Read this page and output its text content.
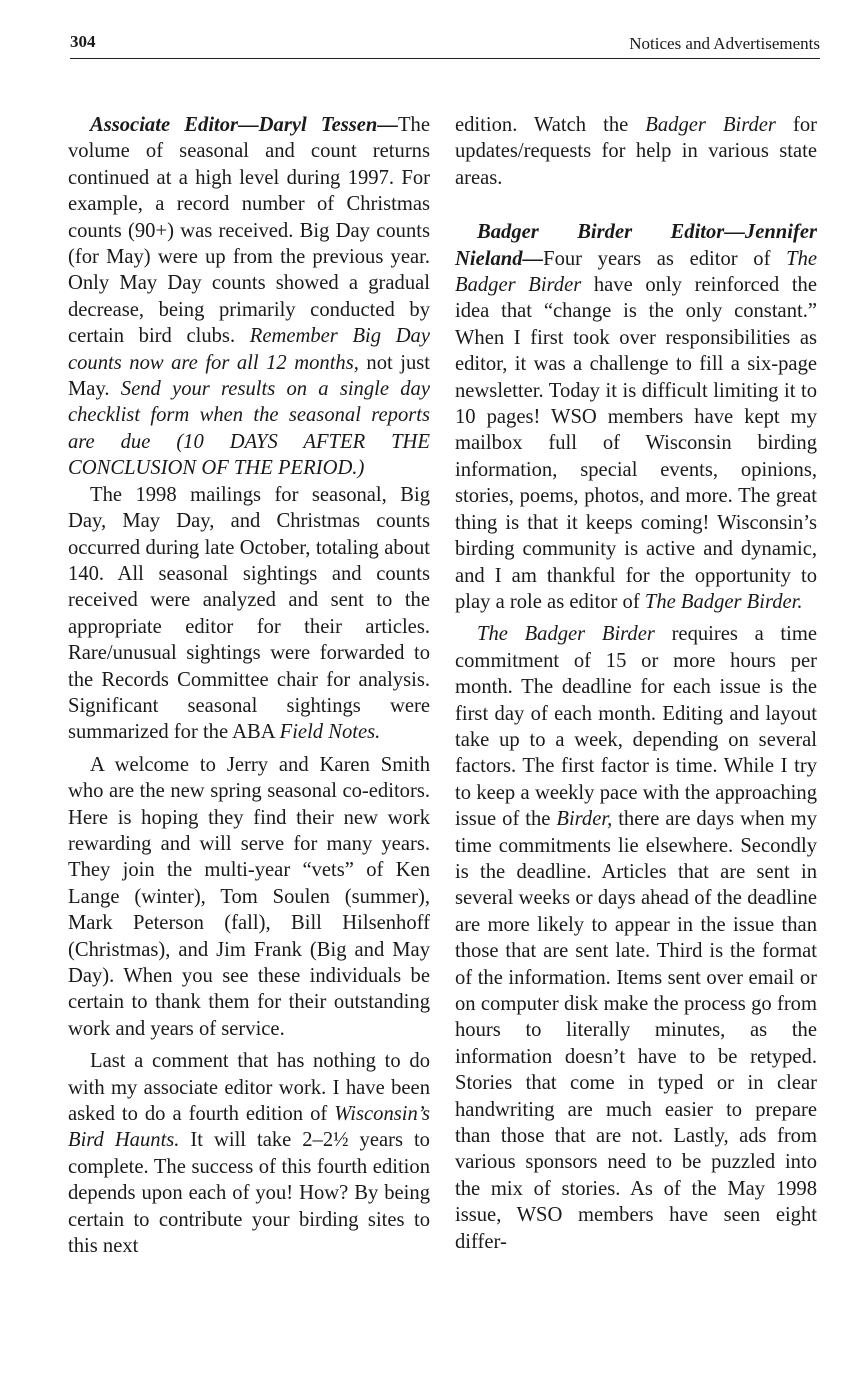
304	Notices and Advertisements

Associate Editor—Daryl Tessen—The volume of seasonal and count returns continued at a high level during 1997. For example, a record number of Christmas counts (90+) was received. Big Day counts (for May) were up from the previous year. Only May Day counts showed a gradual decrease, being primarily conducted by certain bird clubs. Remember Big Day counts now are for all 12 months, not just May. Send your results on a single day checklist form when the seasonal reports are due (10 DAYS AFTER THE CONCLUSION OF THE PERIOD.)

The 1998 mailings for seasonal, Big Day, May Day, and Christmas counts occurred during late October, totaling about 140. All seasonal sightings and counts received were analyzed and sent to the appropriate editor for their articles. Rare/unusual sightings were forwarded to the Records Committee chair for analysis. Significant seasonal sightings were summarized for the ABA Field Notes.

A welcome to Jerry and Karen Smith who are the new spring seasonal co-editors. Here is hoping they find their new work rewarding and will serve for many years. They join the multi-year “vets” of Ken Lange (winter), Tom Soulen (summer), Mark Peterson (fall), Bill Hilsenhoff (Christmas), and Jim Frank (Big and May Day). When you see these individuals be certain to thank them for their outstanding work and years of service.

Last a comment that has nothing to do with my associate editor work. I have been asked to do a fourth edition of Wisconsin’s Bird Haunts. It will take 2–2½ years to complete. The success of this fourth edition depends upon each of you! How? By being certain to contribute your birding sites to this next

edition. Watch the Badger Birder for updates/requests for help in various state areas.

Badger Birder Editor—Jennifer Nieland—Four years as editor of The Badger Birder have only reinforced the idea that “change is the only constant.” When I first took over responsibilities as editor, it was a challenge to fill a six-page newsletter. Today it is difficult limiting it to 10 pages! WSO members have kept my mailbox full of Wisconsin birding information, special events, opinions, stories, poems, photos, and more. The great thing is that it keeps coming! Wisconsin’s birding community is active and dynamic, and I am thankful for the opportunity to play a role as editor of The Badger Birder.

The Badger Birder requires a time commitment of 15 or more hours per month. The deadline for each issue is the first day of each month. Editing and layout take up to a week, depending on several factors. The first factor is time. While I try to keep a weekly pace with the approaching issue of the Birder, there are days when my time commitments lie elsewhere. Secondly is the deadline. Articles that are sent in several weeks or days ahead of the deadline are more likely to appear in the issue than those that are sent late. Third is the format of the information. Items sent over email or on computer disk make the process go from hours to literally minutes, as the information doesn’t have to be retyped. Stories that come in typed or in clear handwriting are much easier to prepare than those that are not. Lastly, ads from various sponsors need to be puzzled into the mix of stories. As of the May 1998 issue, WSO members have seen eight differ-
